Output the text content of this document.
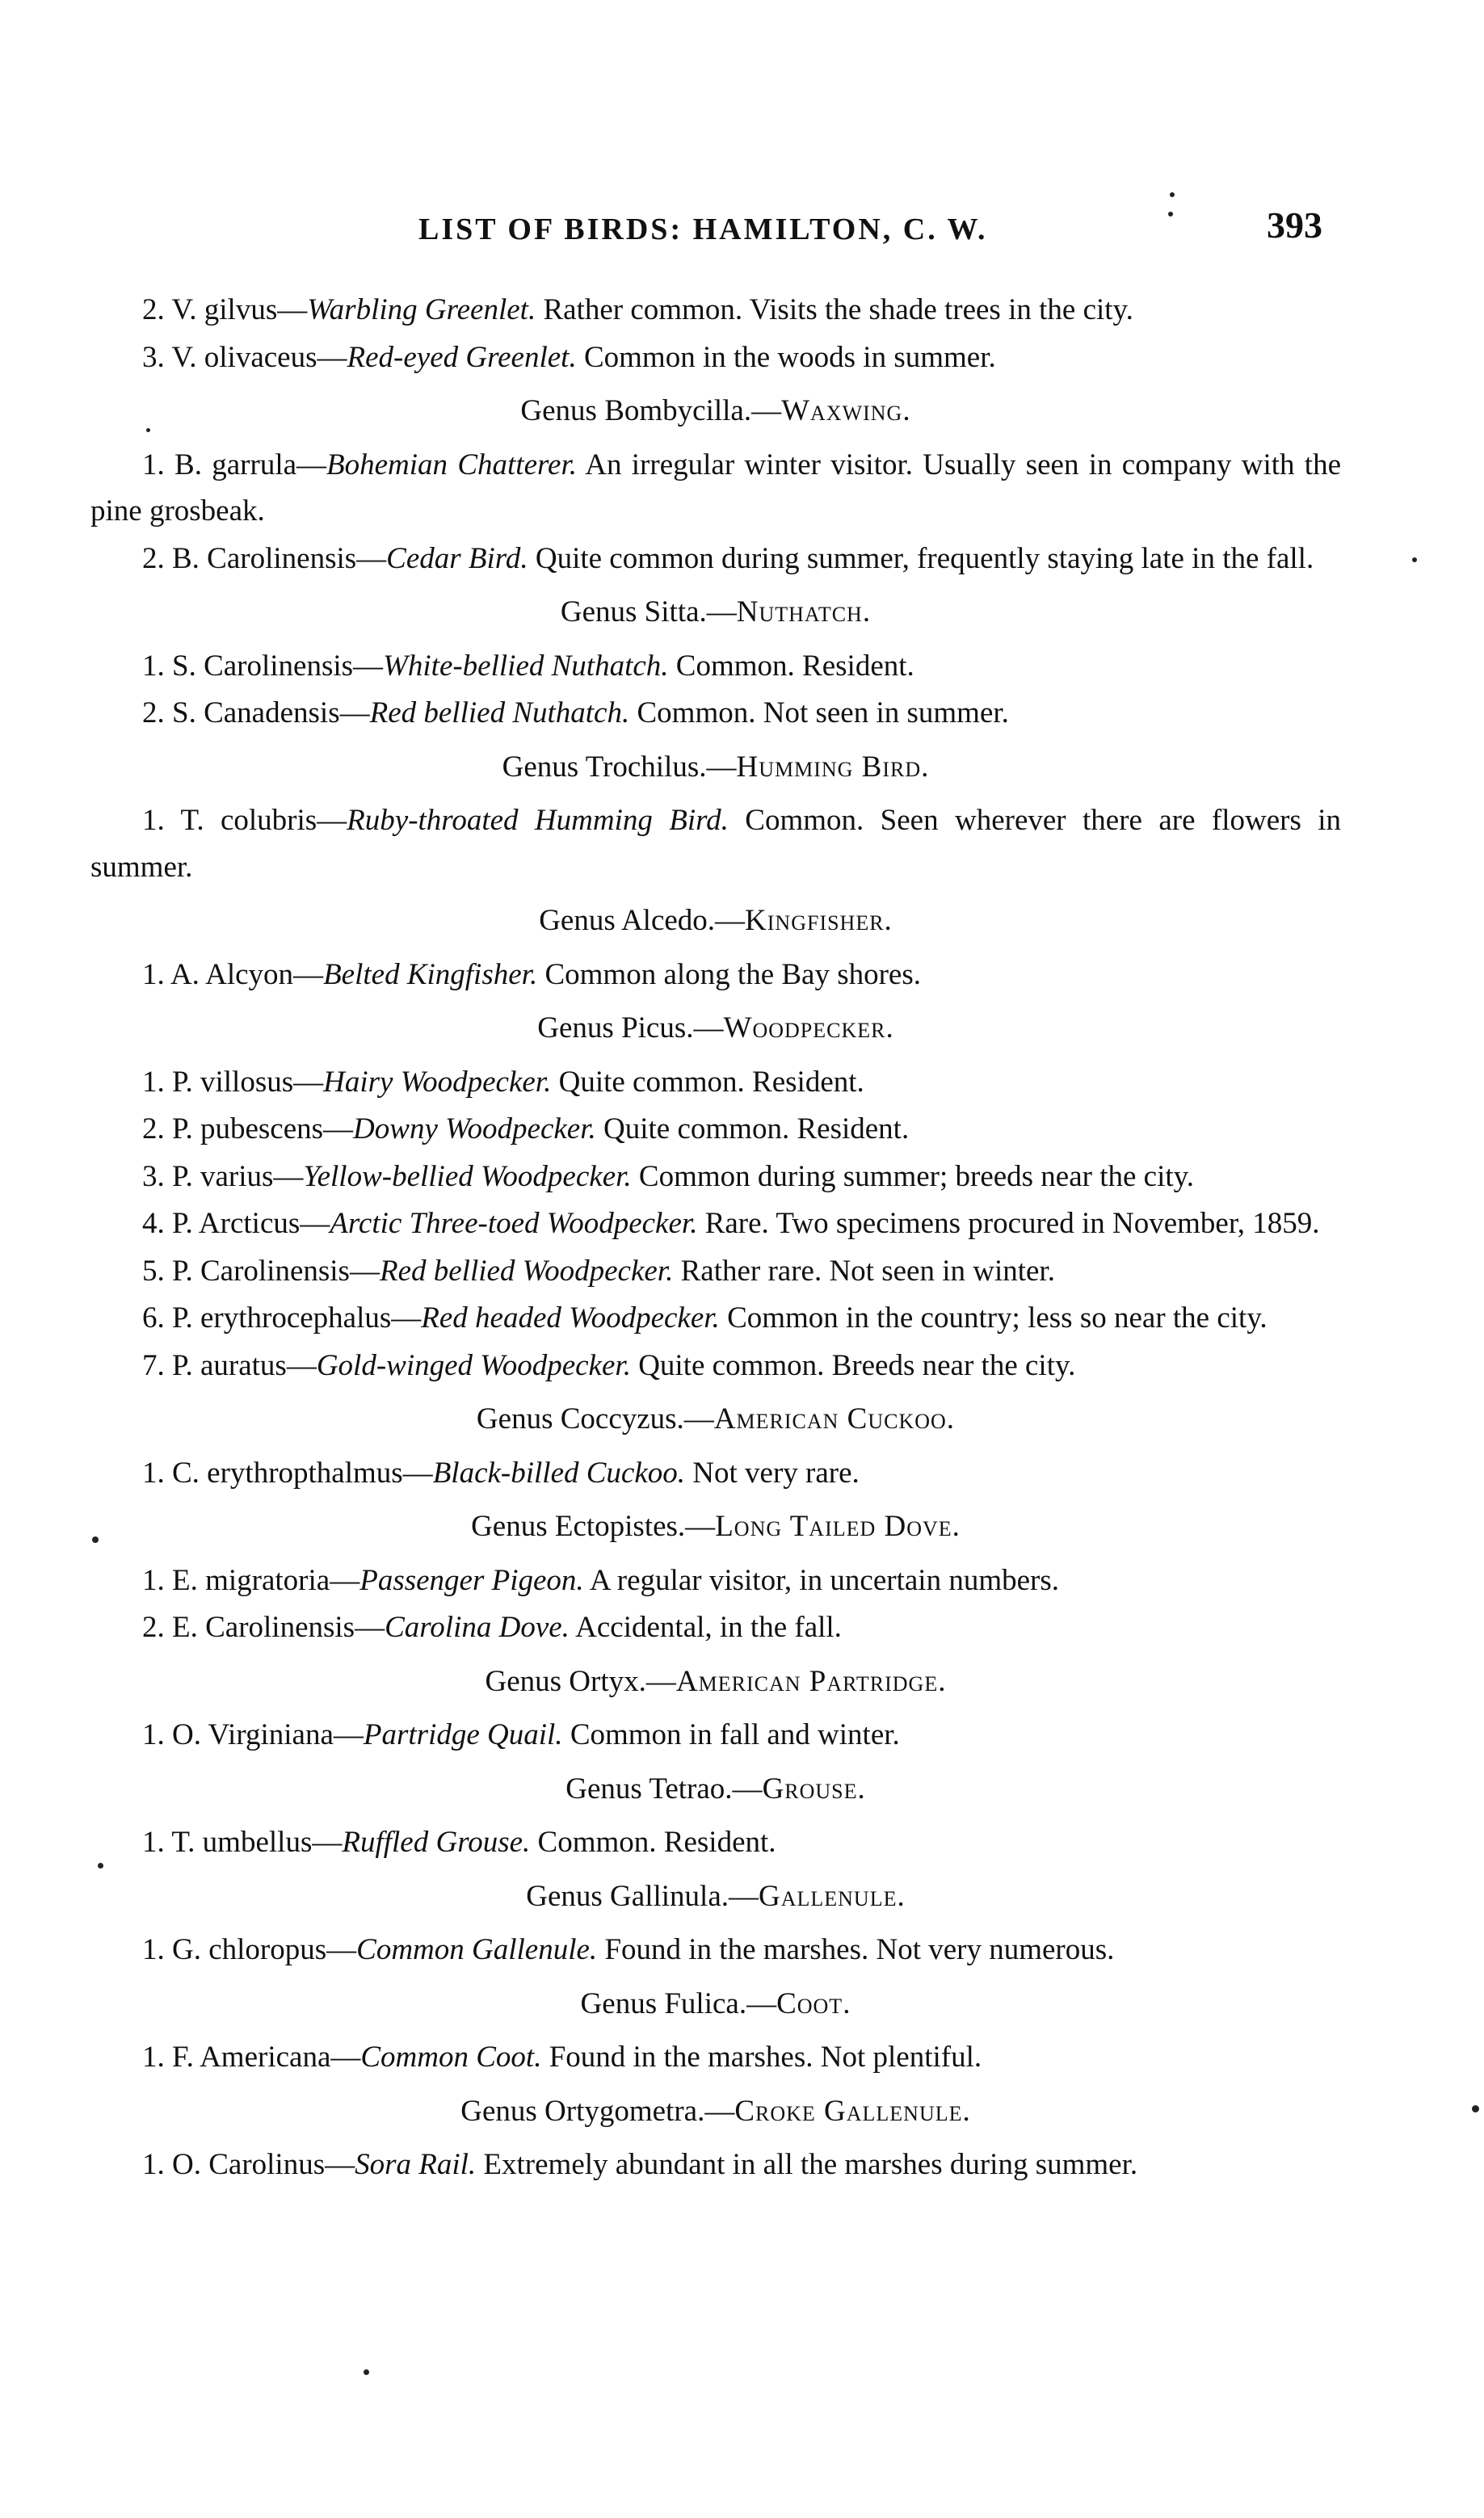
LIST OF BIRDS: HAMILTON, C. W.	393
2. V. gilvus—Warbling Greenlet. Rather common. Visits the shade trees in the city.
3. V. olivaceus—Red-eyed Greenlet. Common in the woods in summer.
Genus Bombycilla.—Waxwing.
1. B. garrula—Bohemian Chatterer. An irregular winter visitor. Usually seen in company with the pine grosbeak.
2. B. Carolinensis—Cedar Bird. Quite common during summer, frequently staying late in the fall.
Genus Sitta.—Nuthatch.
1. S. Carolinensis—White-bellied Nuthatch. Common. Resident.
2. S. Canadensis—Red bellied Nuthatch. Common. Not seen in summer.
Genus Trochilus.—Humming Bird.
1. T. colubris—Ruby-throated Humming Bird. Common. Seen wherever there are flowers in summer.
Genus Alcedo.—Kingfisher.
1. A. Alcyon—Belted Kingfisher. Common along the Bay shores.
Genus Picus.—Woodpecker.
1. P. villosus—Hairy Woodpecker. Quite common. Resident.
2. P. pubescens—Downy Woodpecker. Quite common. Resident.
3. P. varius—Yellow-bellied Woodpecker. Common during summer; breeds near the city.
4. P. Arcticus—Arctic Three-toed Woodpecker. Rare. Two specimens procured in November, 1859.
5. P. Carolinensis—Red bellied Woodpecker. Rather rare. Not seen in winter.
6. P. erythrocephalus—Red headed Woodpecker. Common in the country; less so near the city.
7. P. auratus—Gold-winged Woodpecker. Quite common. Breeds near the city.
Genus Coccyzus.—American Cuckoo.
1. C. erythropthalmus—Black-billed Cuckoo. Not very rare.
Genus Ectopistes.—Long Tailed Dove.
1. E. migratoria—Passenger Pigeon. A regular visitor, in uncertain numbers.
2. E. Carolinensis—Carolina Dove. Accidental, in the fall.
Genus Ortyx.—American Partridge.
1. O. Virginiana—Partridge Quail. Common in fall and winter.
Genus Tetrao.—Grouse.
1. T. umbellus—Ruffled Grouse. Common. Resident.
Genus Gallinula.—Gallenule.
1. G. chloropus—Common Gallenule. Found in the marshes. Not very numerous.
Genus Fulica.—Coot.
1. F. Americana—Common Coot. Found in the marshes. Not plentiful.
Genus Ortygometra.—Croke Gallenule.
1. O. Carolinus—Sora Rail. Extremely abundant in all the marshes during summer.
